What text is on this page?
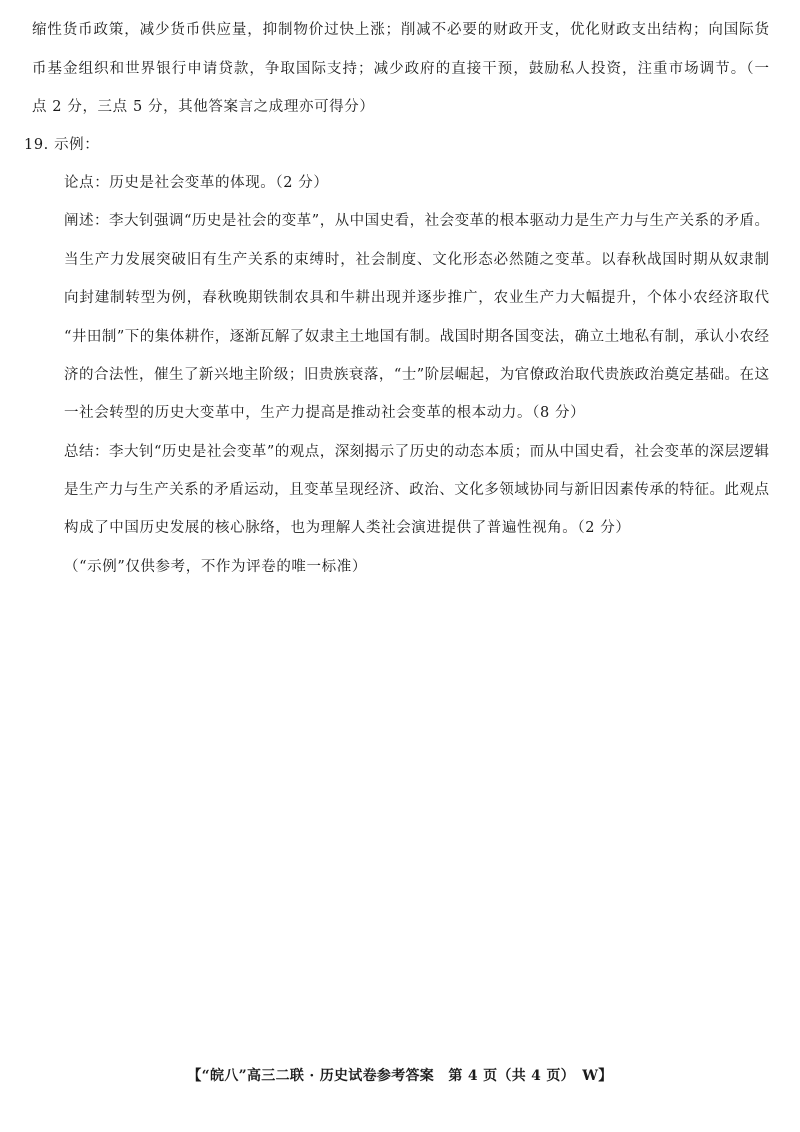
缩性货币政策，减少货币供应量，抑制物价过快上涨；削减不必要的财政开支，优化财政支出结构；向国际货
币基金组织和世界银行申请贷款，争取国际支持；减少政府的直接干预，鼓励私人投资，注重市场调节。（一
点 2 分，三点 5 分，其他答案言之成理亦可得分）
19. 示例：
论点：历史是社会变革的体现。（2 分）
阐述：李大钊强调“历史是社会的变革”，从中国史看，社会变革的根本驱动力是生产力与生产关系的矛盾。
当生产力发展突破旧有生产关系的束缚时，社会制度、文化形态必然随之变革。以春秋战国时期从奴隶制
向封建制转型为例，春秋晚期铁制农具和牛耕出现并逐步推广，农业生产力大幅提升，个体小农经济取代
“井田制”下的集体耕作，逐渐瓦解了奴隶主土地国有制。战国时期各国变法，确立土地私有制，承认小农经
济的合法性，催生了新兴地主阶级；旧贵族衰落，“士”阶层崛起，为官僚政治取代贵族政治奠定基础。在这
一社会转型的历史大变革中，生产力提高是推动社会变革的根本动力。（8 分）
总结：李大钊“历史是社会变革”的观点，深刻揭示了历史的动态本质；而从中国史看，社会变革的深层逻辑
是生产力与生产关系的矛盾运动，且变革呈现经济、政治、文化多领域协同与新旧因素传承的特征。此观点
构成了中国历史发展的核心脉络，也为理解人类社会演进提供了普遍性视角。（2 分）
（“示例”仅供参考，不作为评卷的唯一标准）
【“皖八”高三二联 · 历史试卷参考答案　第 4 页（共 4 页）　W】
